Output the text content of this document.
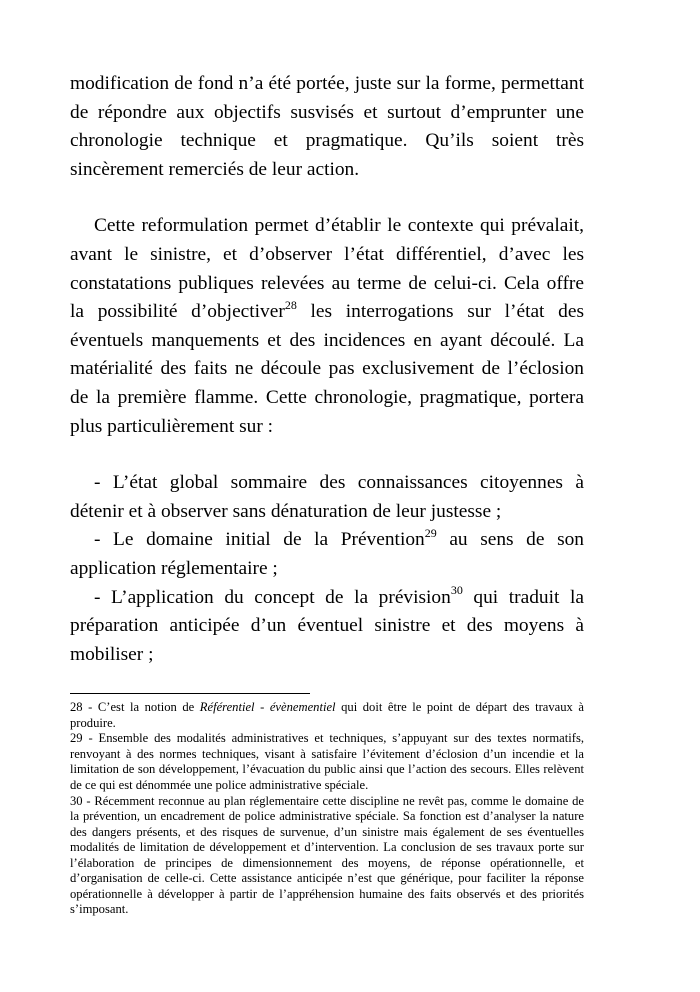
modification de fond n’a été portée, juste sur la forme, permettant de répondre aux objectifs susvisés et surtout d’emprunter une chronologie technique et pragmatique. Qu’ils soient très sincèrement remerciés de leur action.

Cette reformulation permet d’établir le contexte qui prévalait, avant le sinistre, et d’observer l’état différentiel, d’avec les constatations publiques relevées au terme de celui-ci. Cela offre la possibilité d’objectiver$^{28}$ les interrogations sur l’état des éventuels manquements et des incidences en ayant découlé. La matérialité des faits ne découle pas exclusivement de l’éclosion de la première flamme. Cette chronologie, pragmatique, portera plus particulièrement sur :

- L’état global sommaire des connaissances citoyennes à détenir et à observer sans dénaturation de leur justesse ;

- Le domaine initial de la Prévention$^{29}$ au sens de son application réglementaire ;

- L’application du concept de la prévision$^{30}$ qui traduit la préparation anticipée d’un éventuel sinistre et des moyens à mobiliser ;

28 - C’est la notion de Référentiel - évènementiel qui doit être le point de départ des travaux à produire.

29 - Ensemble des modalités administratives et techniques, s’appuyant sur des textes normatifs, renvoyant à des normes techniques, visant à satisfaire l’évitement d’éclosion d’un incendie et la limitation de son développement, l’évacuation du public ainsi que l’action des secours. Elles relèvent de ce qui est dénommée une police administrative spéciale.

30 - Récemment reconnue au plan réglementaire cette discipline ne revêt pas, comme le domaine de la prévention, un encadrement de police administrative spéciale. Sa fonction est d’analyser la nature des dangers présents, et des risques de survenue, d’un sinistre mais également de ses éventuelles modalités de limitation de développement et d’intervention. La conclusion de ses travaux porte sur l’élaboration de principes de dimensionnement des moyens, de réponse opérationnelle, et d’organisation de celle-ci. Cette assistance anticipée n’est que générique, pour faciliter la réponse opérationnelle à développer à partir de l’appréhension humaine des faits observés et des priorités s’imposant.
